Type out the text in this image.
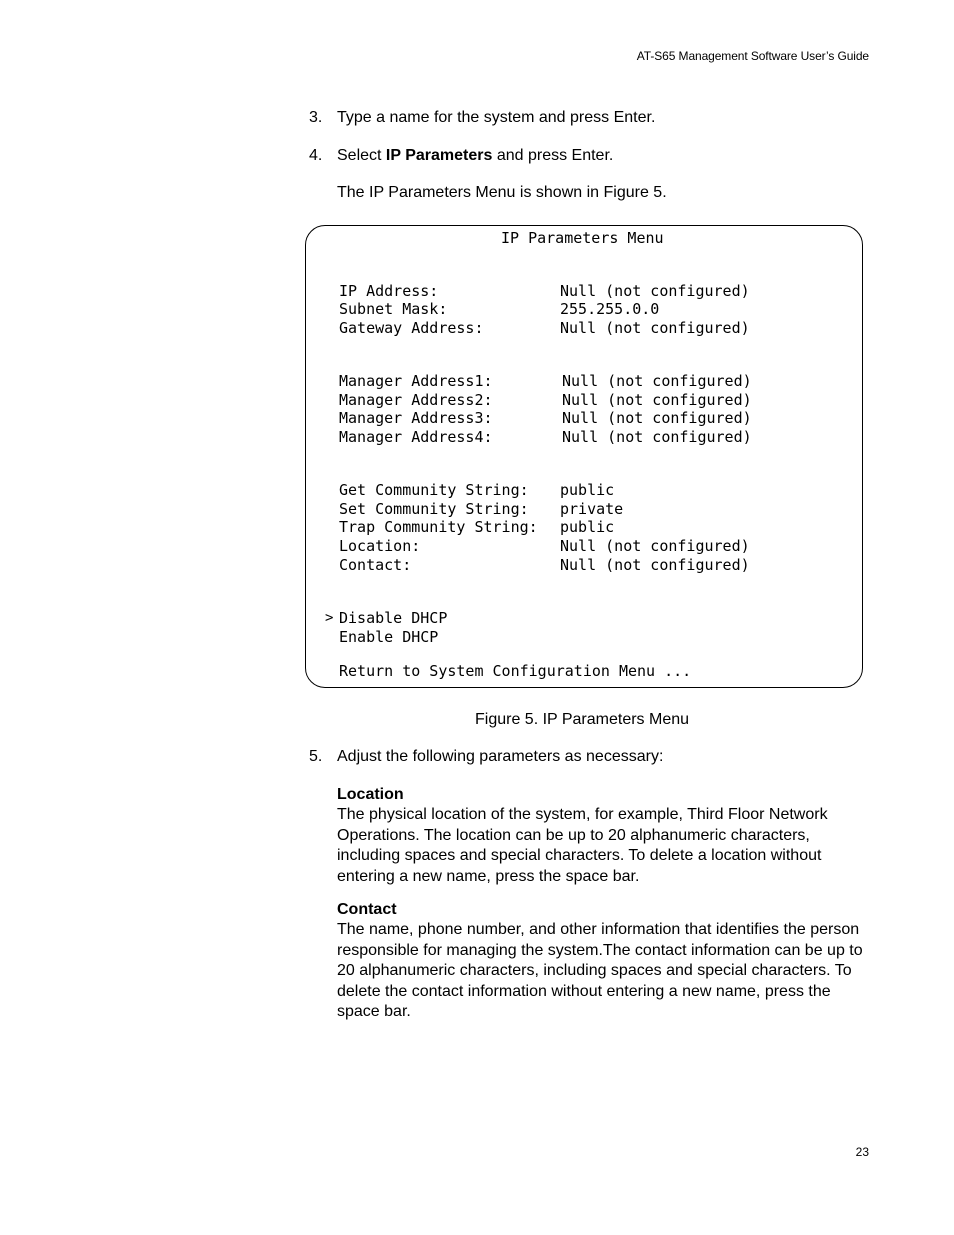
AT-S65 Management Software User’s Guide
3. Type a name for the system and press Enter.
4. Select IP Parameters and press Enter.
The IP Parameters Menu is shown in Figure 5.
IP Parameters Menu
IP Address:	Null (not configured)
Subnet Mask:	255.255.0.0
Gateway Address:	Null (not configured)
Manager Address1:	Null (not configured)
Manager Address2:	Null (not configured)
Manager Address3:	Null (not configured)
Manager Address4:	Null (not configured)
Get Community String: public
Set Community String: private
Trap Community String: public
Location:	Null (not configured)
Contact:	Null (not configured)
> Disable DHCP
Enable DHCP
Return to System Configuration Menu ...
Figure 5. IP Parameters Menu
5. Adjust the following parameters as necessary:
Location
The physical location of the system, for example, Third Floor Network Operations. The location can be up to 20 alphanumeric characters, including spaces and special characters. To delete a location without entering a new name, press the space bar.
Contact
The name, phone number, and other information that identifies the person responsible for managing the system.The contact information can be up to 20 alphanumeric characters, including spaces and special characters. To delete the contact information without entering a new name, press the space bar.
23
